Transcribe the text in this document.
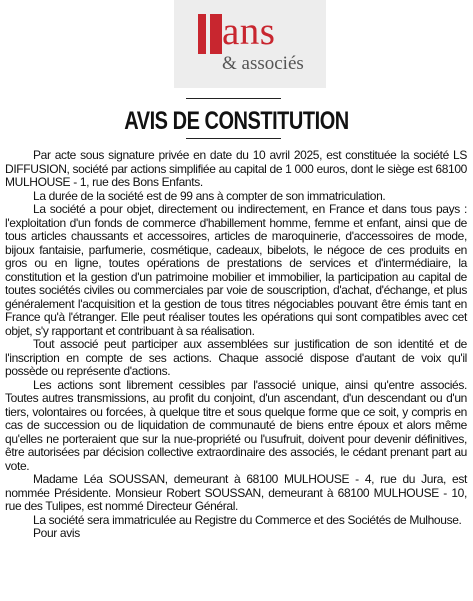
ans
& associés
AVIS DE CONSTITUTION

Par acte sous signature privée en date du 10 avril 2025, est constituée la société LS DIFFUSION, société par actions simplifiée au capital de 1 000 euros, dont le siège est 68100 MULHOUSE - 1, rue des Bons Enfants.

La durée de la société est de 99 ans à compter de son immatriculation.

La société a pour objet, directement ou indirectement, en France et dans tous pays : l'exploitation d'un fonds de commerce d'habillement homme, femme et enfant, ainsi que de tous articles chaussants et accessoires, articles de maroquinerie, d'accessoires de mode, bijoux fantaisie, parfumerie, cosmétique, cadeaux, bibelots, le négoce de ces produits en gros ou en ligne, toutes opérations de prestations de services et d'intermédiaire, la constitution et la gestion d'un patrimoine mobilier et immobilier, la participation au capital de toutes sociétés civiles ou commerciales par voie de souscription, d'achat, d'échange, et plus généralement l'acquisition et la gestion de tous titres négociables pouvant être émis tant en France qu'à l'étranger. Elle peut réaliser toutes les opérations qui sont compatibles avec cet objet, s'y rapportant et contribuant à sa réalisation.

Tout associé peut participer aux assemblées sur justification de son identité et de l'inscription en compte de ses actions. Chaque associé dispose d'autant de voix qu'il possède ou représente d'actions.

Les actions sont librement cessibles par l'associé unique, ainsi qu'entre associés. Toutes autres transmissions, au profit du conjoint, d'un ascendant, d'un descendant ou d'un tiers, volontaires ou forcées, à quelque titre et sous quelque forme que ce soit, y compris en cas de succession ou de liquidation de communauté de biens entre époux et alors même qu'elles ne porteraient que sur la nue-propriété ou l'usufruit, doivent pour devenir définitives, être autorisées par décision collective extraordinaire des associés, le cédant prenant part au vote.

Madame Léa SOUSSAN, demeurant à 68100 MULHOUSE - 4, rue du Jura, est nommée Présidente. Monsieur Robert SOUSSAN, demeurant à 68100 MULHOUSE - 10, rue des Tulipes, est nommé Directeur Général.

La société sera immatriculée au Registre du Commerce et des Sociétés de Mulhouse.

Pour avis
